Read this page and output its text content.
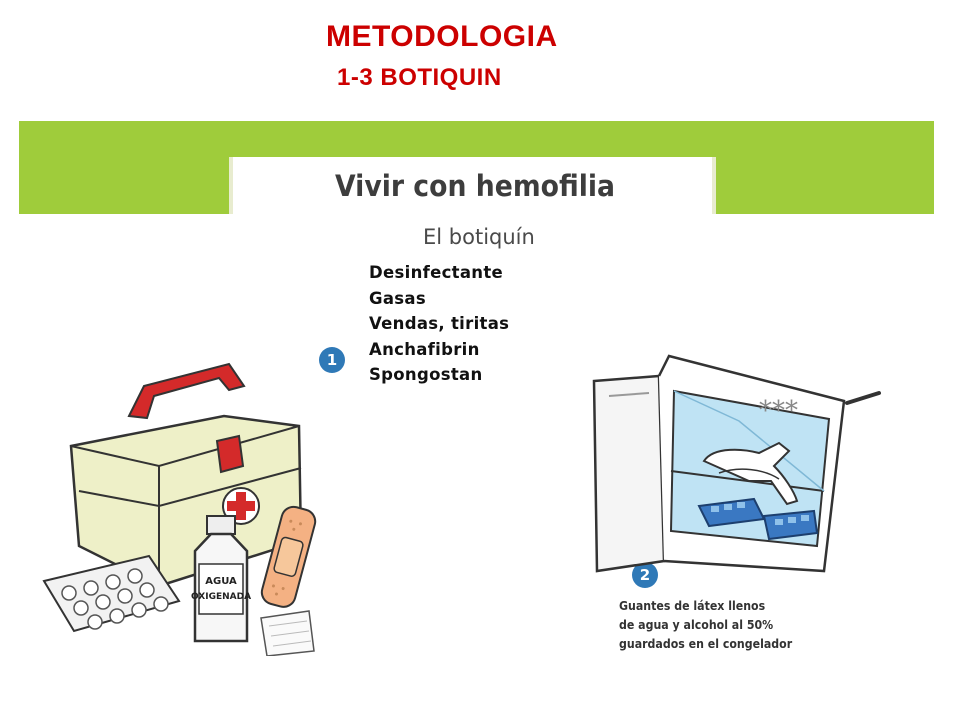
METODOLOGIA
1-3 BOTIQUIN
Vivir con hemofilia
El botiquín
Desinfectante
Gasas
Vendas, tiritas
Anchafibrin
Spongostan
1
2
AGUA
OXIGENADA
***

Guantes de látex llenos
de agua y alcohol al 50%
guardados en el congelador
